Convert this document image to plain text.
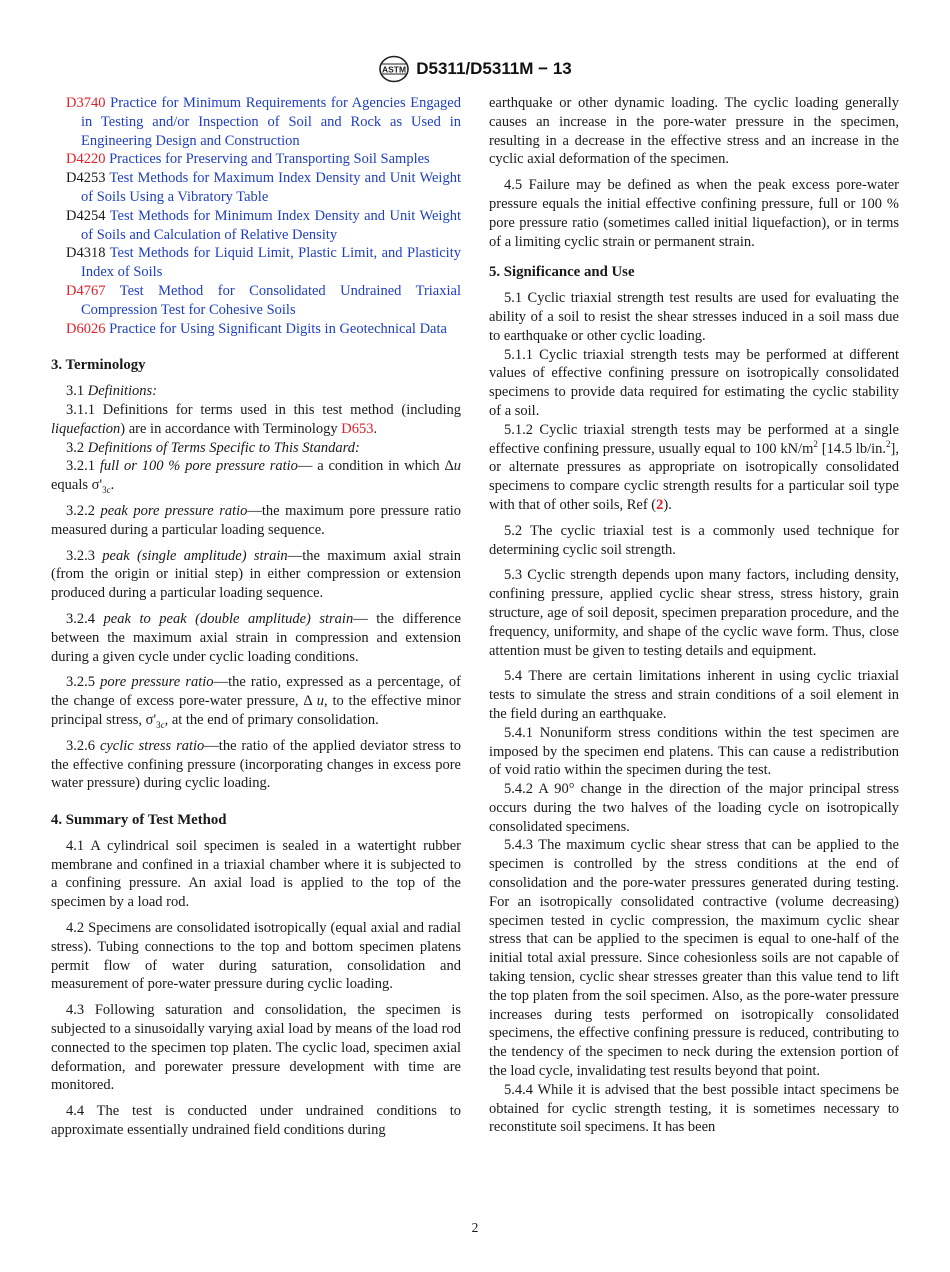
ASTM D5311/D5311M − 13

D3740 Practice for Minimum Requirements for Agencies Engaged in Testing and/or Inspection of Soil and Rock as Used in Engineering Design and Construction

D4220 Practices for Preserving and Transporting Soil Samples

D4253 Test Methods for Maximum Index Density and Unit Weight of Soils Using a Vibratory Table

D4254 Test Methods for Minimum Index Density and Unit Weight of Soils and Calculation of Relative Density

D4318 Test Methods for Liquid Limit, Plastic Limit, and Plasticity Index of Soils

D4767 Test Method for Consolidated Undrained Triaxial Compression Test for Cohesive Soils

D6026 Practice for Using Significant Digits in Geotechnical Data

3. Terminology

3.1 Definitions:

3.1.1 Definitions for terms used in this test method (including liquefaction) are in accordance with Terminology D653.

3.2 Definitions of Terms Specific to This Standard:

3.2.1 full or 100 % pore pressure ratio— a condition in which Δu equals $\sigma'_{3c}$.

3.2.2 peak pore pressure ratio—the maximum pore pressure ratio measured during a particular loading sequence.

3.2.3 peak (single amplitude) strain—the maximum axial strain (from the origin or initial step) in either compression or extension produced during a particular loading sequence.

3.2.4 peak to peak (double amplitude) strain— the difference between the maximum axial strain in compression and extension during a given cycle under cyclic loading conditions.

3.2.5 pore pressure ratio—the ratio, expressed as a percentage, of the change of excess pore-water pressure, Δ u, to the effective minor principal stress, $\sigma'_{3c}$, at the end of primary consolidation.

3.2.6 cyclic stress ratio—the ratio of the applied deviator stress to the effective confining pressure (incorporating changes in excess pore water pressure) during cyclic loading.

4. Summary of Test Method

4.1 A cylindrical soil specimen is sealed in a watertight rubber membrane and confined in a triaxial chamber where it is subjected to a confining pressure. An axial load is applied to the top of the specimen by a load rod.

4.2 Specimens are consolidated isotropically (equal axial and radial stress). Tubing connections to the top and bottom specimen platens permit flow of water during saturation, consolidation and measurement of pore-water pressure during cyclic loading.

4.3 Following saturation and consolidation, the specimen is subjected to a sinusoidally varying axial load by means of the load rod connected to the specimen top platen. The cyclic load, specimen axial deformation, and porewater pressure development with time are monitored.

4.4 The test is conducted under undrained conditions to approximate essentially undrained field conditions during

earthquake or other dynamic loading. The cyclic loading generally causes an increase in the pore-water pressure in the specimen, resulting in a decrease in the effective stress and an increase in the cyclic axial deformation of the specimen.

4.5 Failure may be defined as when the peak excess pore-water pressure equals the initial effective confining pressure, full or 100 % pore pressure ratio (sometimes called initial liquefaction), or in terms of a limiting cyclic strain or permanent strain.

5. Significance and Use

5.1 Cyclic triaxial strength test results are used for evaluating the ability of a soil to resist the shear stresses induced in a soil mass due to earthquake or other cyclic loading.

5.1.1 Cyclic triaxial strength tests may be performed at different values of effective confining pressure on isotropically consolidated specimens to provide data required for estimating the cyclic stability of a soil.

5.1.2 Cyclic triaxial strength tests may be performed at a single effective confining pressure, usually equal to 100 $kN/m^2$ [14.5 lb/in.$^2$], or alternate pressures as appropriate on isotropically consolidated specimens to compare cyclic strength results for a particular soil type with that of other soils, Ref (2).

5.2 The cyclic triaxial test is a commonly used technique for determining cyclic soil strength.

5.3 Cyclic strength depends upon many factors, including density, confining pressure, applied cyclic shear stress, stress history, grain structure, age of soil deposit, specimen preparation procedure, and the frequency, uniformity, and shape of the cyclic wave form. Thus, close attention must be given to testing details and equipment.

5.4 There are certain limitations inherent in using cyclic triaxial tests to simulate the stress and strain conditions of a soil element in the field during an earthquake.

5.4.1 Nonuniform stress conditions within the test specimen are imposed by the specimen end platens. This can cause a redistribution of void ratio within the specimen during the test.

5.4.2 A 90° change in the direction of the major principal stress occurs during the two halves of the loading cycle on isotropically consolidated specimens.

5.4.3 The maximum cyclic shear stress that can be applied to the specimen is controlled by the stress conditions at the end of consolidation and the pore-water pressures generated during testing. For an isotropically consolidated contractive (volume decreasing) specimen tested in cyclic compression, the maximum cyclic shear stress that can be applied to the specimen is equal to one-half of the initial total axial pressure. Since cohesionless soils are not capable of taking tension, cyclic shear stresses greater than this value tend to lift the top platen from the soil specimen. Also, as the pore-water pressure increases during tests performed on isotropically consolidated specimens, the effective confining pressure is reduced, contributing to the tendency of the specimen to neck during the extension portion of the load cycle, invalidating test results beyond that point.

5.4.4 While it is advised that the best possible intact specimens be obtained for cyclic strength testing, it is sometimes necessary to reconstitute soil specimens. It has been

2
